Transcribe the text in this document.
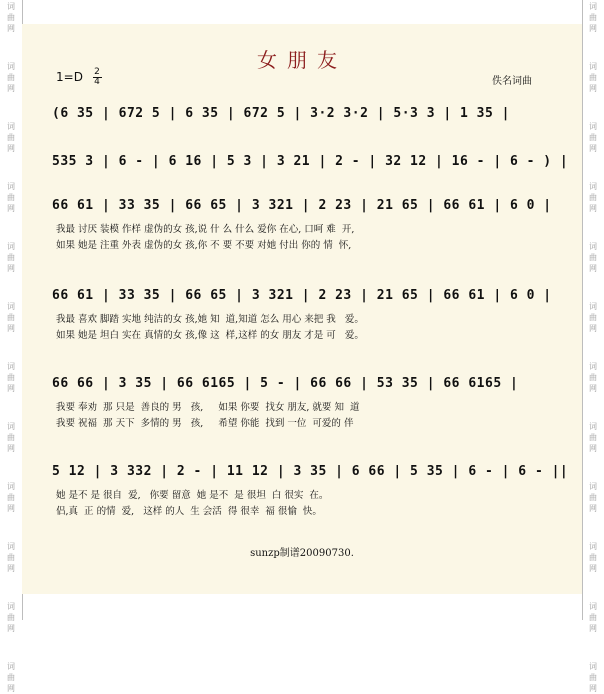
词
曲
网
词
曲
网
词
曲
网
词
曲
网
词
曲
网
词
曲
网
词
曲
网
词
曲
网
词
曲
网
词
曲
网
词
曲
网
词
曲
网
词
曲
网
词
曲
网
词
曲
网
词
曲
网
词
曲
网
词
曲
网
词
曲
网
词
曲
网
词
曲
网
词
曲
网
词
曲
网
词
曲
网
女朋友
1=D 2
4	佚名词曲
(6 35 | 672 5 | 6 35 | 672 5 | 3·2 3·2 | 5·3 3 | 1 35 |
535 3 | 6 - | 6 16 | 5 3 | 3 21 | 2 - | 32 12 | 16 - | 6 - ) |
66 61 | 33 35 | 66 65 | 3 321 | 2 23 | 21 65 | 66 61 | 6 0 |
我最 讨厌 装模 作样 虚伪的女 孩,说 什 么 什么 爱你 在心, 口呵 难  开,
如果 她是 注重 外表 虚伪的女 孩,你 不 要 不要 对她 付出 你的 情  怀,
66 61 | 33 35 | 66 65 | 3 321 | 2 23 | 21 65 | 66 61 | 6 0 |
我最 喜欢 脚踏 实地 纯洁的女 孩,她 知  道,知道 怎么 用心 来把 我   爱。
如果 她是 坦白 实在 真情的女 孩,像 这  样,这样 的女 朋友 才是 可   爱。
66 66 | 3 35 | 66 6165 | 5 - | 66 66 | 53 35 | 66 6165 |
我要 奉劝  那 只是  善良的 男   孩,     如果 你要  找女 朋友, 就要 知  道
我要 祝福  那 天下  多情的 男   孩,     希望 你能  找到 一位  可爱的 伴
5 12 | 3 332 | 2 - | 11 12 | 3 35 | 6 66 | 5 35 | 6 - | 6 - ||
她 是不 是 很自  爱,   你要 留意  她 是不  是 很坦  白 很实  在。
侣,真  正 的情  爱,   这样 的人  生 会活  得 很幸  福 很愉  快。
sunzp制谱20090730.
